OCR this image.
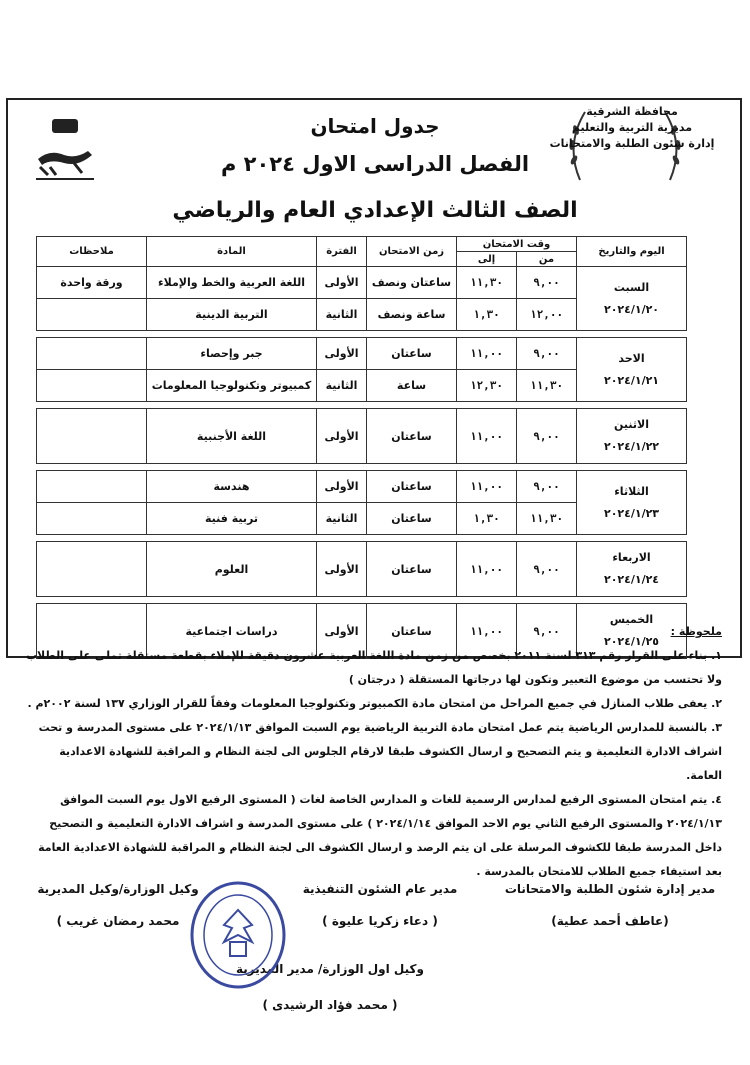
محافظة الشرقية
مديرية التربية والتعليم
إدارة شئون الطلبة والامتحانات
جدول امتحان
الفصل الدراسى الاول ٢٠٢٤ م
الصف الثالث الإعدادي العام والرياضي
اليوم والتاريخ	وقت الامتحان		زمن الامتحان	الفترة	المادة	ملاحظات
	من	إلى				

السبت
٢٠٢٤/١/٢٠	٩,٠٠	١١,٣٠	ساعتان ونصف	الأولى	اللغة العربية والخط والإملاء	ورقة واحدة
	١٢,٠٠	١,٣٠	ساعة ونصف	الثانية	التربية الدينية	

الاحد
٢٠٢٤/١/٢١	٩,٠٠	١١,٠٠	ساعتان	الأولى	جبر وإحصاء	
	١١,٣٠	١٢,٣٠	ساعة	الثانية	كمبيوتر وتكنولوجيا المعلومات	

الاثنين
٢٠٢٤/١/٢٢	٩,٠٠	١١,٠٠	ساعتان	الأولى	اللغة الأجنبية	

الثلاثاء
٢٠٢٤/١/٢٣	٩,٠٠	١١,٠٠	ساعتان	الأولى	هندسة	
	١١,٣٠	١,٣٠	ساعتان	الثانية	تربية فنية	

الاربعاء
٢٠٢٤/١/٢٤	٩,٠٠	١١,٠٠	ساعتان	الأولى	العلوم	

الخميس
٢٠٢٤/١/٢٥	٩,٠٠	١١,٠٠	ساعتان	الأولى	دراسات اجتماعية		ملحوظة :

١. بناء على القرار رقم ٣١٣ لسنة ٢٠١١ بخصص من زمن مادة اللغة العربية عشرون دقيقة للإملاء بقطعة مستقلة تملى على الطلاب ولا تحتسب من موضوع التعبير وتكون لها درجاتها المستقلة ( درجتان )

٢. يعفى طلاب المنازل في جميع المراحل من امتحان مادة الكمبيوتر وتكنولوجيا المعلومات وفقاً للقرار الوزاري ١٣٧ لسنة ٢٠٠٢م .

٣. بالنسبة للمدارس الرياضية يتم عمل امتحان مادة التربية الرياضية يوم السبت الموافق ٢٠٢٤/١/١٣ على مستوى المدرسة و تحت اشراف الادارة التعليمية و يتم التصحيح و ارسال الكشوف طبقا لارقام الجلوس الى لجنة النظام و المراقبة للشهادة الاعدادية العامة.

٤. يتم امتحان المستوى الرفيع لمدارس الرسمية للغات و المدارس الخاصة لغات ( المستوى الرفيع الاول يوم السبت الموافق ٢٠٢٤/١/١٣ والمستوى الرفيع الثاني يوم الاحد الموافق ٢٠٢٤/١/١٤ ) على مستوى المدرسة و اشراف الادارة التعليمية و التصحيح داخل المدرسة طبقا للكشوف المرسلة على ان يتم الرصد و ارسال الكشوف الى لجنة النظام و المراقبة للشهادة الاعدادية العامة بعد استيفاء جميع الطلاب للامتحان بالمدرسة .

مدير إدارة شئون الطلبة والامتحانات
(عاطف أحمد عطية)
مدير عام الشئون التنفيذية
( دعاء زكريا عليوة )
وكيل الوزارة/وكيل المديرية
محمد رمضان غريب )
وكيل اول الوزارة/ مدير المديرية
( محمد فؤاد الرشيدى )
